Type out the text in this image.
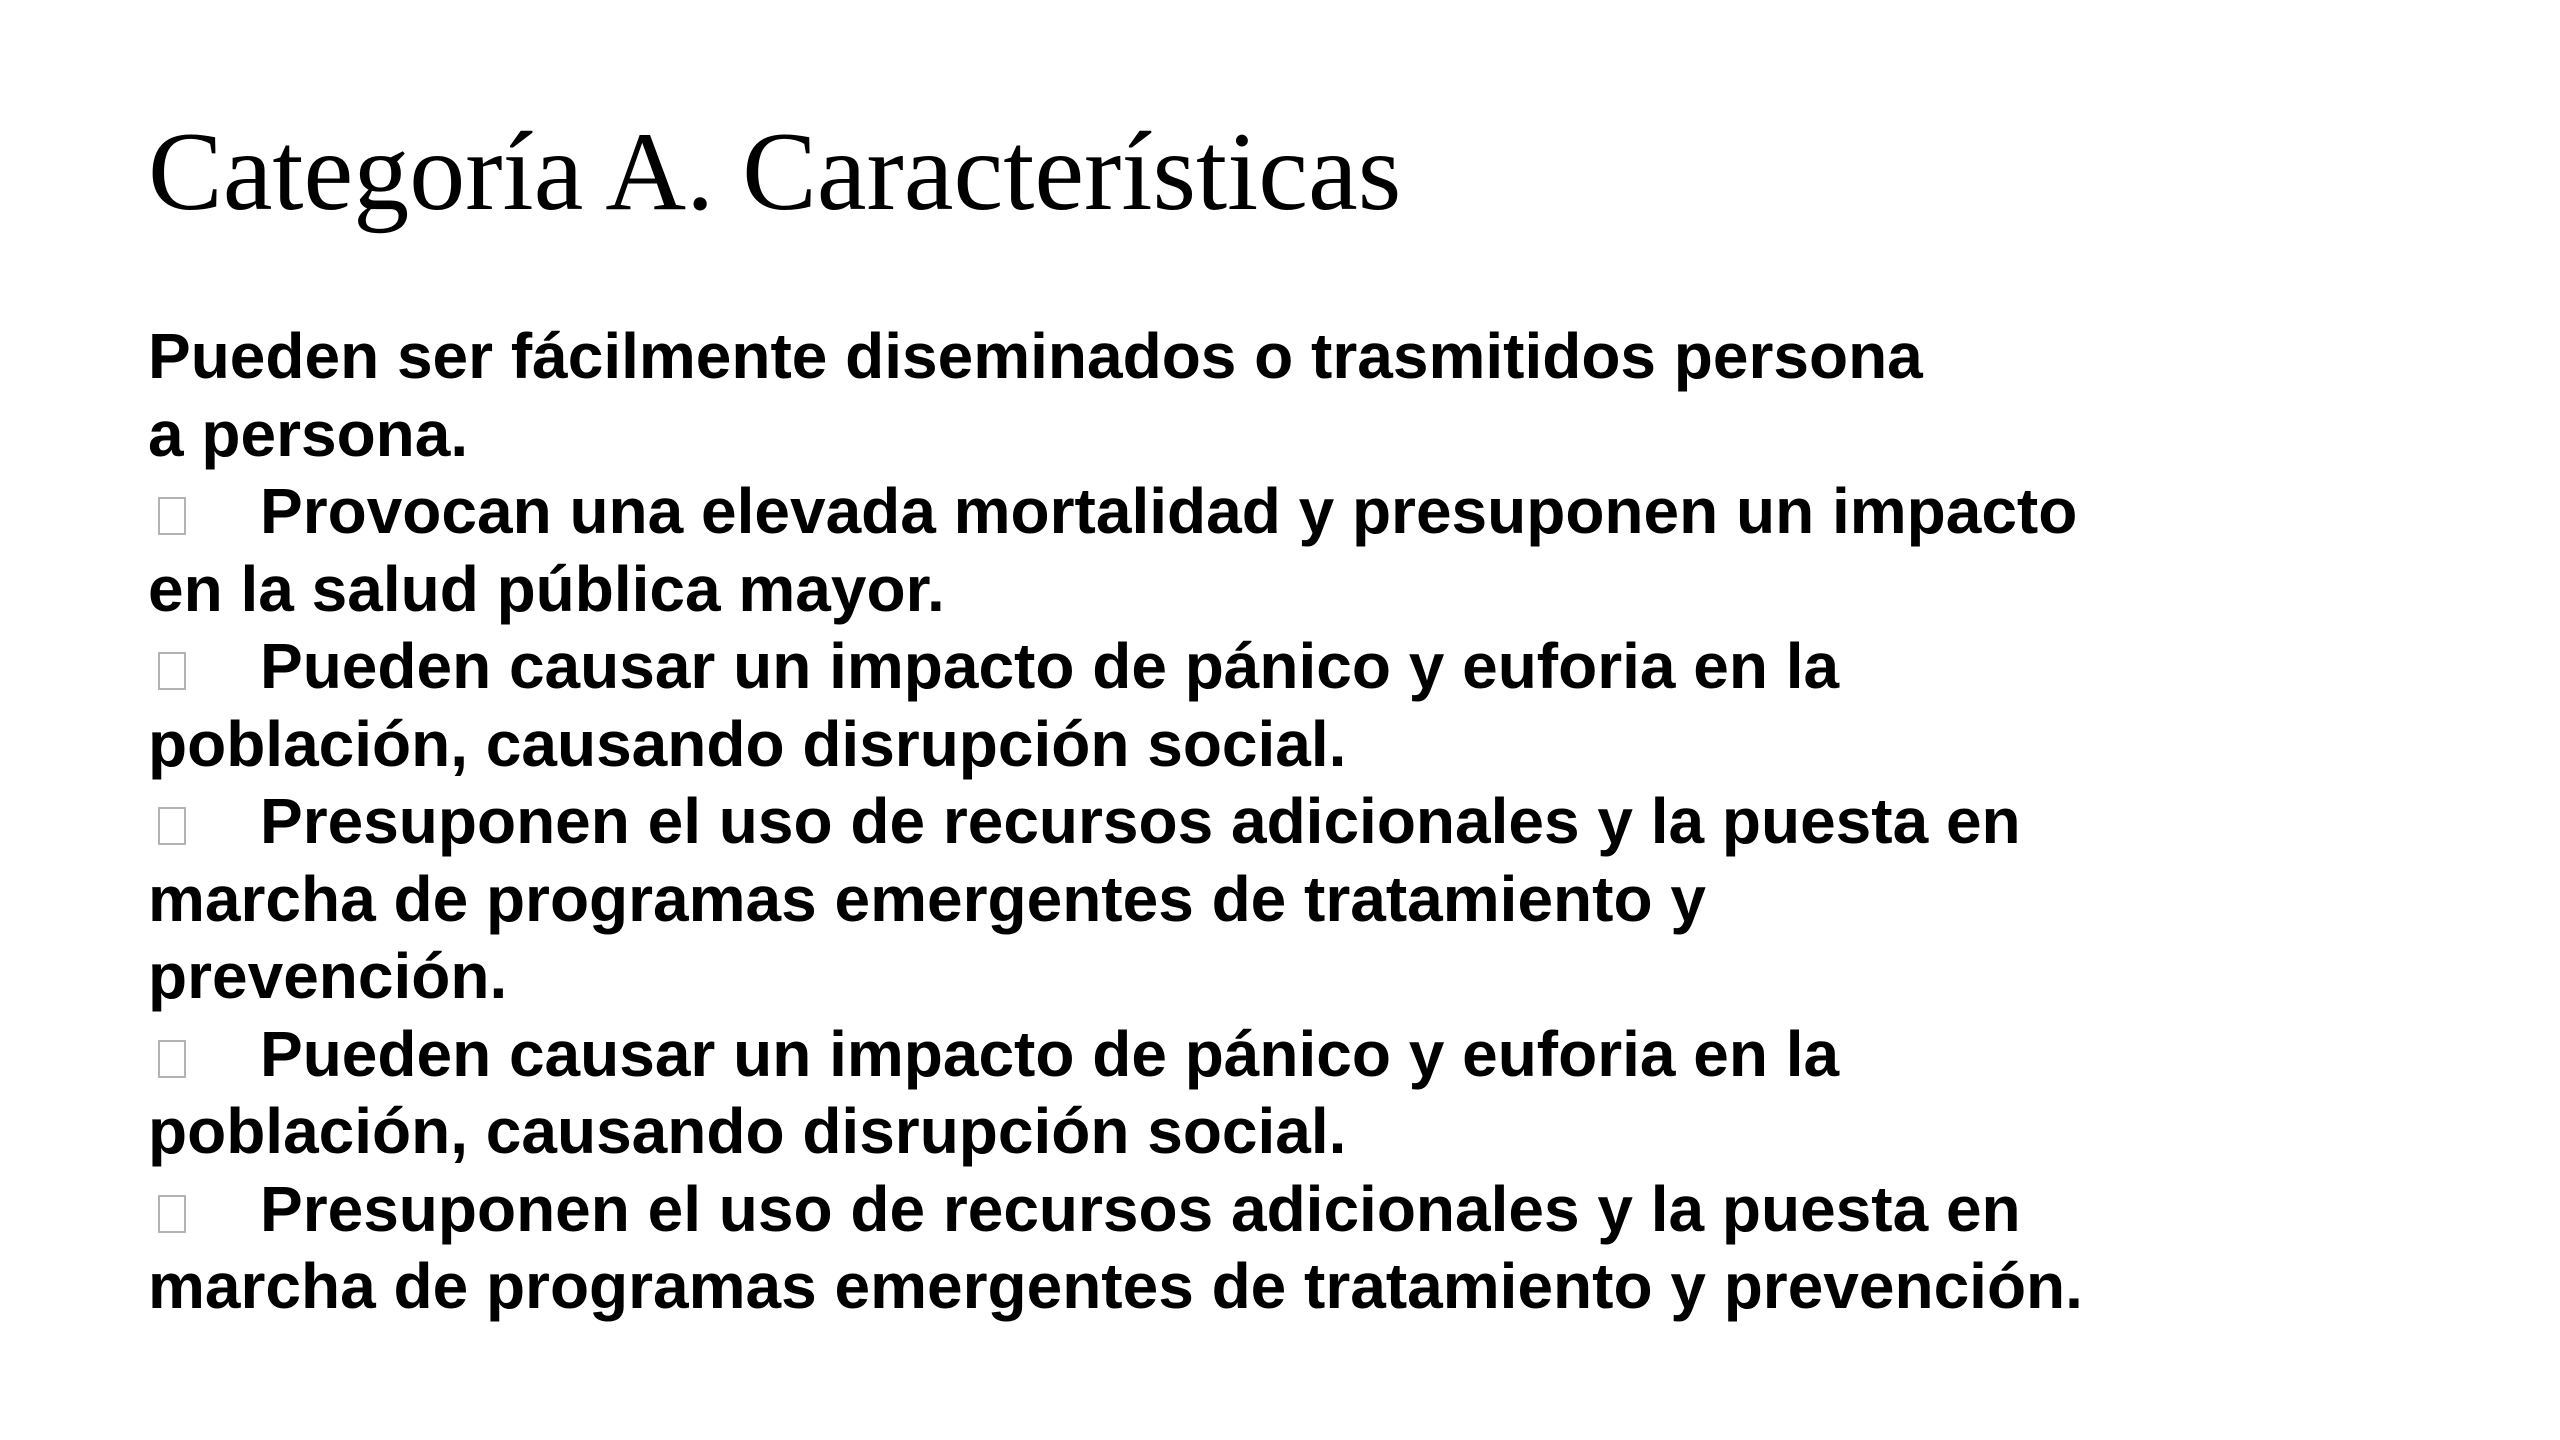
Categoría A. Características
Pueden ser fácilmente diseminados o trasmitidos persona
a persona.
Provocan una elevada mortalidad y presuponen un impacto
en la salud pública mayor.
Pueden causar un impacto de pánico y euforia en la
población, causando disrupción social.
Presuponen el uso de recursos adicionales y la puesta en
marcha de programas emergentes de tratamiento y
prevención.
Pueden causar un impacto de pánico y euforia en la
población, causando disrupción social.
Presuponen el uso de recursos adicionales y la puesta en
marcha de programas emergentes de tratamiento y prevención.
